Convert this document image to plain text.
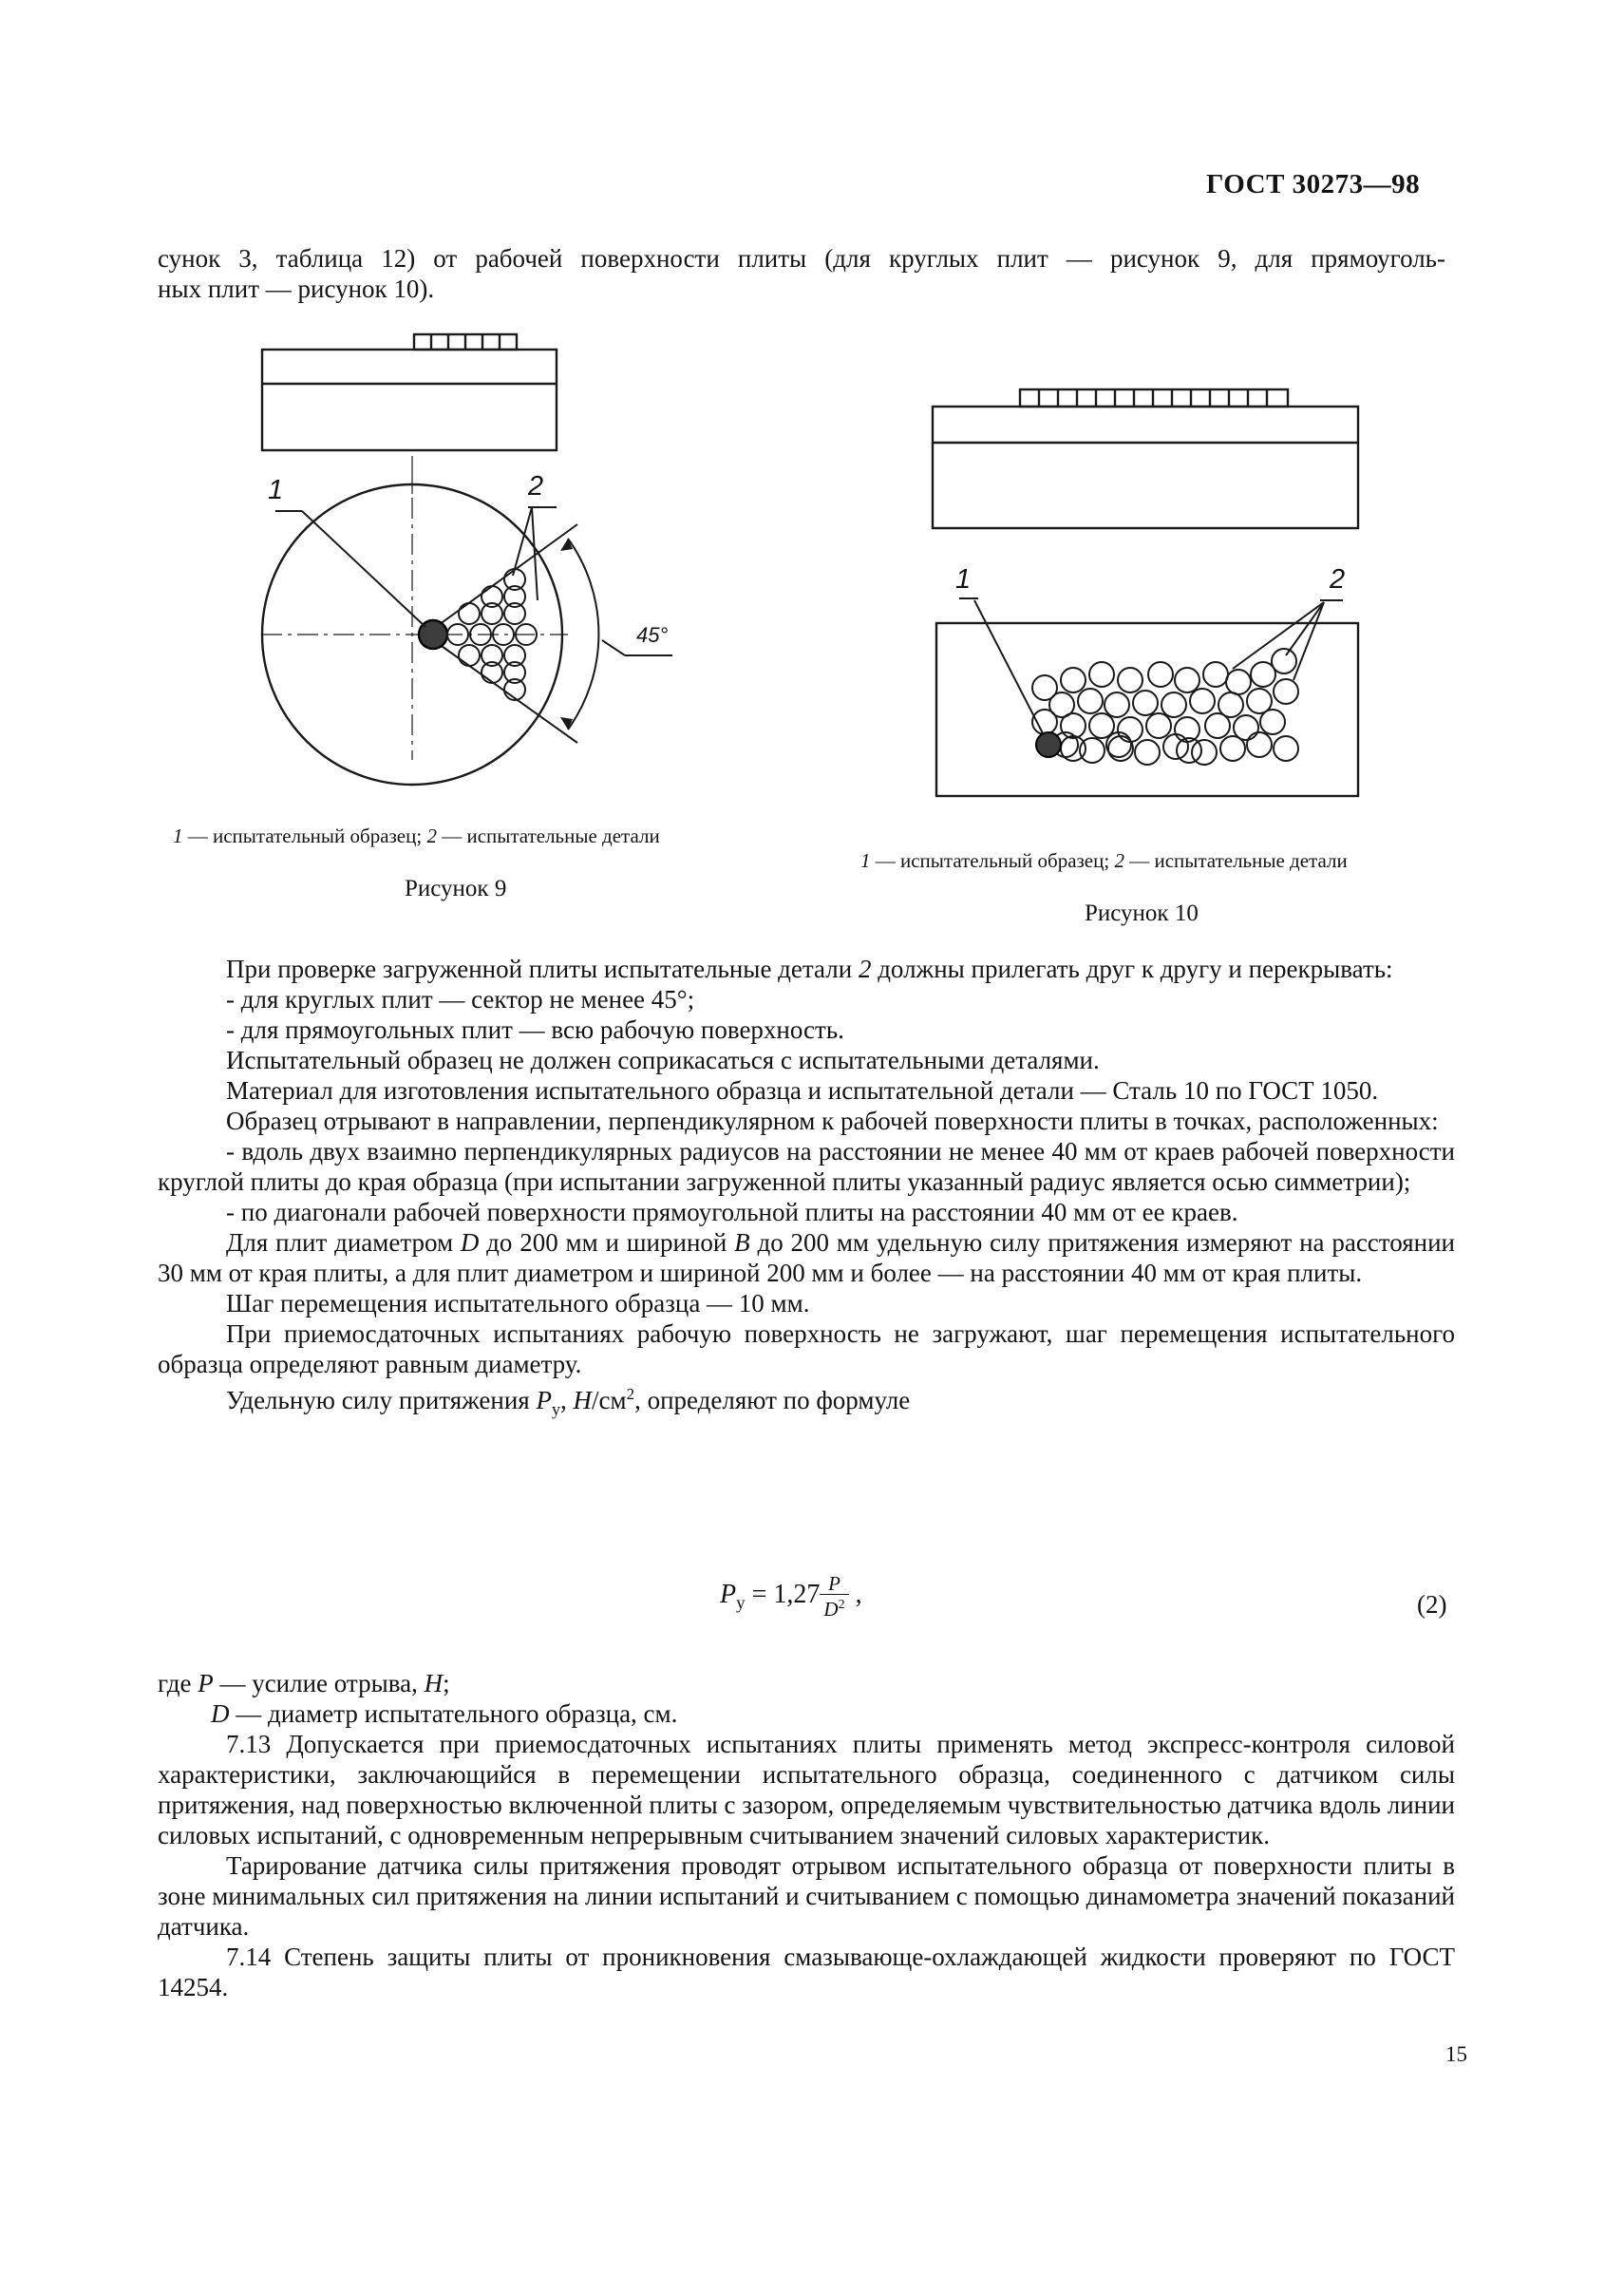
ГОСТ 30273—98
сунок 3, таблица 12) от рабочей поверхности плиты (для круглых плит — рисунок 9, для прямоуголь-
ных плит — рисунок 10).
1	2
45°
1 — испытательный образец; 2 — испытательные детали
Рисунок 9
1	2
1 — испытательный образец; 2 — испытательные детали
Рисунок 10
При проверке загруженной плиты испытательные детали 2 должны прилегать друг к другу и перекрывать:
- для круглых плит — сектор не менее 45°;
- для прямоугольных плит — всю рабочую поверхность.
Испытательный образец не должен соприкасаться с испытательными деталями.
Материал для изготовления испытательного образца и испытательной детали — Сталь 10 по ГОСТ 1050.
Образец отрывают в направлении, перпендикулярном к рабочей поверхности плиты в точках, расположенных:
- вдоль двух взаимно перпендикулярных радиусов на расстоянии не менее 40 мм от краев рабочей поверхности круглой плиты до края образца (при испытании загруженной плиты указанный радиус является осью симметрии);
- по диагонали рабочей поверхности прямоугольной плиты на расстоянии 40 мм от ее краев.
Для плит диаметром D до 200 мм и шириной B до 200 мм удельную силу притяжения измеряют на расстоянии 30 мм от края плиты, а для плит диаметром и шириной 200 мм и более — на расстоянии 40 мм от края плиты.
Шаг перемещения испытательного образца — 10 мм.
При приемосдаточных испытаниях рабочую поверхность не загружают, шаг перемещения испытательного образца определяют равным диаметру.
Удельную силу притяжения $P_у$, $Н/см^2$, определяют по формуле
$P_у = 1,27 \frac{P}{D^2}$ ,	(2)
где P — усилие отрыва, Н;
D — диаметр испытательного образца, см.
7.13 Допускается при приемосдаточных испытаниях плиты применять метод экспресс-контроля силовой характеристики, заключающийся в перемещении испытательного образца, соединенного с датчиком силы притяжения, над поверхностью включенной плиты с зазором, определяемым чувствительностью датчика вдоль линии силовых испытаний, с одновременным непрерывным считыванием значений силовых характеристик.
Тарирование датчика силы притяжения проводят отрывом испытательного образца от поверхности плиты в зоне минимальных сил притяжения на линии испытаний и считыванием с помощью динамометра значений показаний датчика.
7.14 Степень защиты плиты от проникновения смазывающе-охлаждающей жидкости проверяют по ГОСТ 14254.
15
